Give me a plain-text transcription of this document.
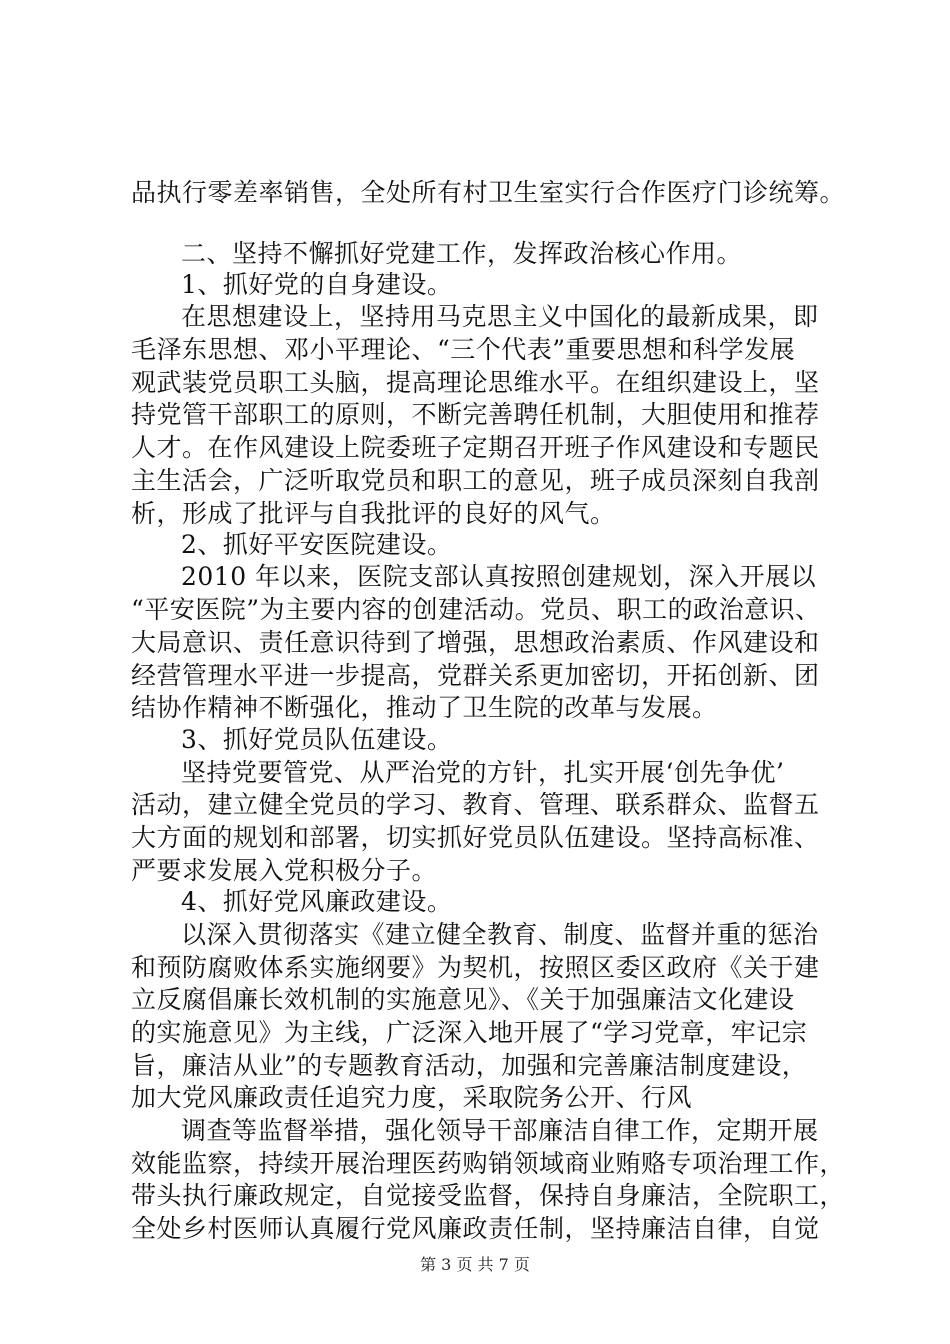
品执行零差率销售，全处所有村卫生室实行合作医疗门诊统筹。

二、坚持不懈抓好党建工作，发挥政治核心作用。

1、抓好党的自身建设。

在思想建设上，坚持用马克思主义中国化的最新成果，即

毛泽东思想、邓小平理论、“三个代表”重要思想和科学发展

观武装党员职工头脑，提高理论思维水平。在组织建设上，坚

持党管干部职工的原则，不断完善聘任机制，大胆使用和推荐

人才。在作风建设上院委班子定期召开班子作风建设和专题民

主生活会，广泛听取党员和职工的意见，班子成员深刻自我剖

析，形成了批评与自我批评的良好的风气。

2、抓好平安医院建设。

2010 年以来，医院支部认真按照创建规划，深入开展以

“平安医院”为主要内容的创建活动。党员、职工的政治意识、

大局意识、责任意识待到了增强，思想政治素质、作风建设和

经营管理水平进一步提高，党群关系更加密切，开拓创新、团

结协作精神不断强化，推动了卫生院的改革与发展。

3、抓好党员队伍建设。

坚持党要管党、从严治党的方针，扎实开展‘创先争优’

活动，建立健全党员的学习、教育、管理、联系群众、监督五

大方面的规划和部署，切实抓好党员队伍建设。坚持高标准、

严要求发展入党积极分子。

4、抓好党风廉政建设。

以深入贯彻落实《建立健全教育、制度、监督并重的惩治

和预防腐败体系实施纲要》为契机，按照区委区政府《关于建

立反腐倡廉长效机制的实施意见》、《关于加强廉洁文化建设

的实施意见》为主线，广泛深入地开展了“学习党章，牢记宗

旨，廉洁从业”的专题教育活动，加强和完善廉洁制度建设，

加大党风廉政责任追究力度，采取院务公开、行风

调查等监督举措，强化领导干部廉洁自律工作，定期开展

效能监察，持续开展治理医药购销领域商业贿赂专项治理工作，

带头执行廉政规定，自觉接受监督，保持自身廉洁，全院职工，

全处乡村医师认真履行党风廉政责任制，坚持廉洁自律，自觉

第 3 页 共 7 页
